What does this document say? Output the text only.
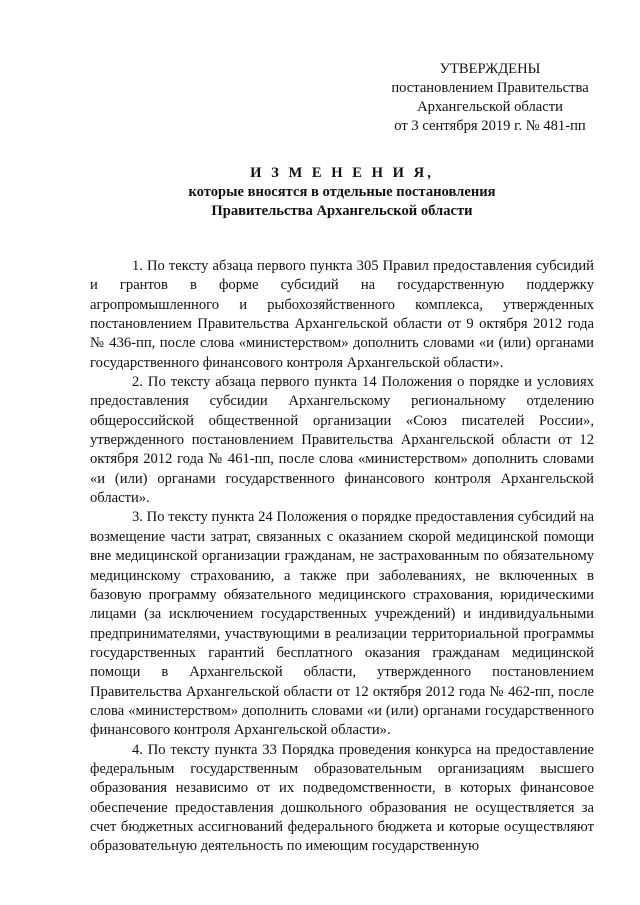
УТВЕРЖДЕНЫ
постановлением Правительства
Архангельской области
от 3 сентября 2019 г. № 481-пп
И З М Е Н Е Н И Я,
которые вносятся в отдельные постановления
Правительства Архангельской области

1. По тексту абзаца первого пункта 305 Правил предоставления субсидий и грантов в форме субсидий на государственную поддержку агропромышленного и рыбохозяйственного комплекса, утвержденных постановлением Правительства Архангельской области от 9 октября 2012 года № 436-пп, после слова «министерством» дополнить словами «и (или) органами государственного финансового контроля Архангельской области».

2. По тексту абзаца первого пункта 14 Положения о порядке и условиях предоставления субсидии Архангельскому региональному отделению общероссийской общественной организации «Союз писателей России», утвержденного постановлением Правительства Архангельской области от 12 октября 2012 года № 461-пп, после слова «министерством» дополнить словами «и (или) органами государственного финансового контроля Архангельской области».

3. По тексту пункта 24 Положения о порядке предоставления субсидий на возмещение части затрат, связанных с оказанием скорой медицинской помощи вне медицинской организации гражданам, не застрахованным по обязательному медицинскому страхованию, а также при заболеваниях, не включенных в базовую программу обязательного медицинского страхования, юридическими лицами (за исключением государственных учреждений) и индивидуальными предпринимателями, участвующими в реализации территориальной программы государственных гарантий бесплатного оказания гражданам медицинской помощи в Архангельской области, утвержденного постановлением Правительства Архангельской области от 12 октября 2012 года № 462-пп, после слова «министерством» дополнить словами «и (или) органами государственного финансового контроля Архангельской области».

4. По тексту пункта 33 Порядка проведения конкурса на предоставление федеральным государственным образовательным организациям высшего образования независимо от их подведомственности, в которых финансовое обеспечение предоставления дошкольного образования не осуществляется за счет бюджетных ассигнований федерального бюджета и которые осуществляют образовательную деятельность по имеющим государственную
